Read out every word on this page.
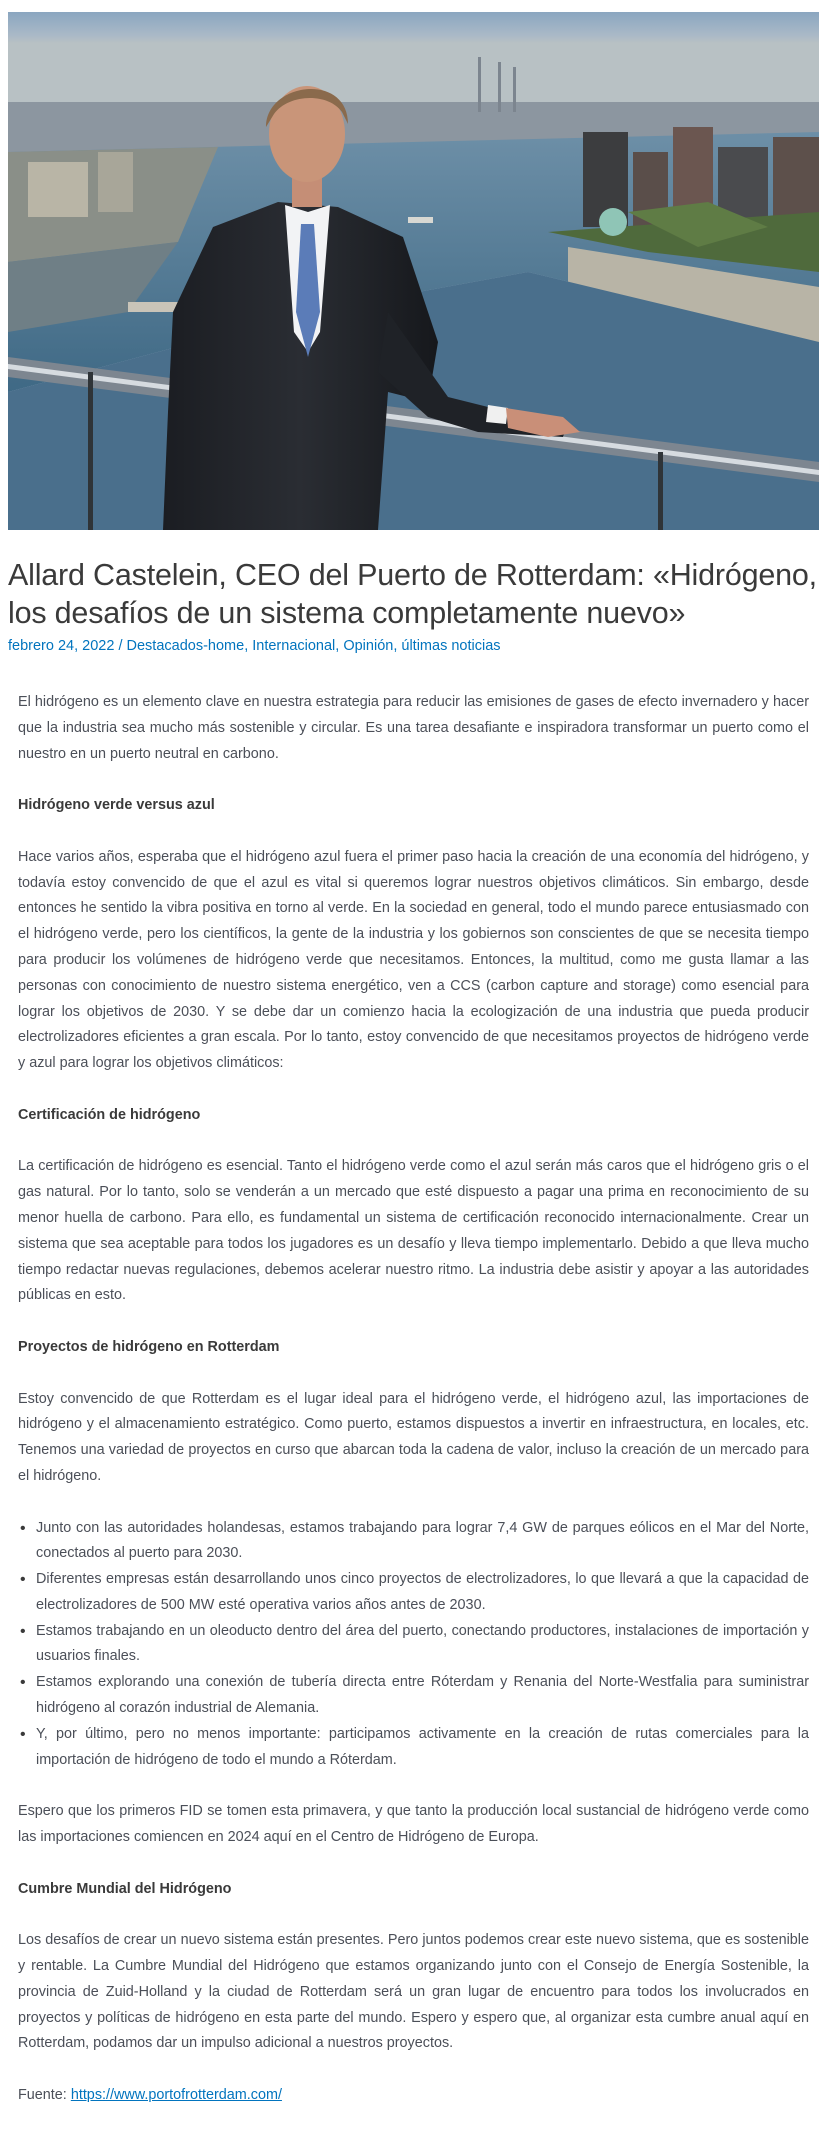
Allard Castelein, CEO del Puerto de Rotterdam: «Hidrógeno, los desafíos de un sistema completamente nuevo»
febrero 24, 2022 / Destacados-home, Internacional, Opinión, últimas noticias

El hidrógeno es un elemento clave en nuestra estrategia para reducir las emisiones de gases de efecto invernadero y hacer que la industria sea mucho más sostenible y circular. Es una tarea desafiante e inspiradora transformar un puerto como el nuestro en un puerto neutral en carbono.

Hidrógeno verde versus azul

Hace varios años, esperaba que el hidrógeno azul fuera el primer paso hacia la creación de una economía del hidrógeno, y todavía estoy convencido de que el azul es vital si queremos lograr nuestros objetivos climáticos. Sin embargo, desde entonces he sentido la vibra positiva en torno al verde. En la sociedad en general, todo el mundo parece entusiasmado con el hidrógeno verde, pero los científicos, la gente de la industria y los gobiernos son conscientes de que se necesita tiempo para producir los volúmenes de hidrógeno verde que necesitamos. Entonces, la multitud, como me gusta llamar a las personas con conocimiento de nuestro sistema energético, ven a CCS (carbon capture and storage) como esencial para lograr los objetivos de 2030. Y se debe dar un comienzo hacia la ecologización de una industria que pueda producir electrolizadores eficientes a gran escala. Por lo tanto, estoy convencido de que necesitamos proyectos de hidrógeno verde y azul para lograr los objetivos climáticos:

Certificación de hidrógeno

La certificación de hidrógeno es esencial. Tanto el hidrógeno verde como el azul serán más caros que el hidrógeno gris o el gas natural. Por lo tanto, solo se venderán a un mercado que esté dispuesto a pagar una prima en reconocimiento de su menor huella de carbono. Para ello, es fundamental un sistema de certificación reconocido internacionalmente. Crear un sistema que sea aceptable para todos los jugadores es un desafío y lleva tiempo implementarlo. Debido a que lleva mucho tiempo redactar nuevas regulaciones, debemos acelerar nuestro ritmo. La industria debe asistir y apoyar a las autoridades públicas en esto.

Proyectos de hidrógeno en Rotterdam

Estoy convencido de que Rotterdam es el lugar ideal para el hidrógeno verde, el hidrógeno azul, las importaciones de hidrógeno y el almacenamiento estratégico. Como puerto, estamos dispuestos a invertir en infraestructura, en locales, etc. Tenemos una variedad de proyectos en curso que abarcan toda la cadena de valor, incluso la creación de un mercado para el hidrógeno.

• Junto con las autoridades holandesas, estamos trabajando para lograr 7,4 GW de parques eólicos en el Mar del Norte, conectados al puerto para 2030.
• Diferentes empresas están desarrollando unos cinco proyectos de electrolizadores, lo que llevará a que la capacidad de electrolizadores de 500 MW esté operativa varios años antes de 2030.
• Estamos trabajando en un oleoducto dentro del área del puerto, conectando productores, instalaciones de importación y usuarios finales.
• Estamos explorando una conexión de tubería directa entre Róterdam y Renania del Norte-Westfalia para suministrar hidrógeno al corazón industrial de Alemania.
• Y, por último, pero no menos importante: participamos activamente en la creación de rutas comerciales para la importación de hidrógeno de todo el mundo a Róterdam.

Espero que los primeros FID se tomen esta primavera, y que tanto la producción local sustancial de hidrógeno verde como las importaciones comiencen en 2024 aquí en el Centro de Hidrógeno de Europa.

Cumbre Mundial del Hidrógeno

Los desafíos de crear un nuevo sistema están presentes. Pero juntos podemos crear este nuevo sistema, que es sostenible y rentable. La Cumbre Mundial del Hidrógeno que estamos organizando junto con el Consejo de Energía Sostenible, la provincia de Zuid-Holland y la ciudad de Rotterdam será un gran lugar de encuentro para todos los involucrados en proyectos y políticas de hidrógeno en esta parte del mundo. Espero y espero que, al organizar esta cumbre anual aquí en Rotterdam, podamos dar un impulso adicional a nuestros proyectos.

Fuente: https://www.portofrotterdam.com/
